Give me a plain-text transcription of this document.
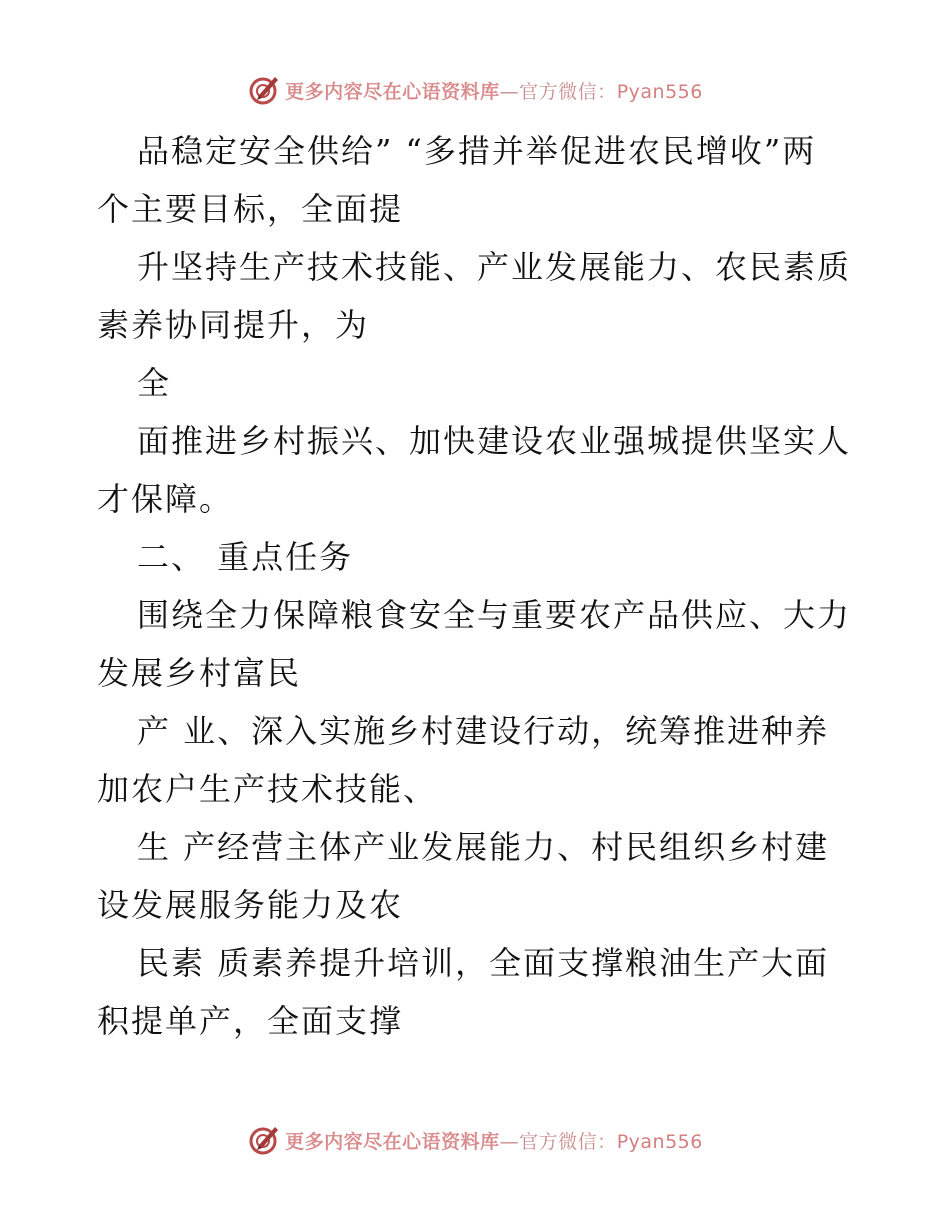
更多内容尽在心语资料库—官方微信：Pyan556
品稳定安全供给” “多措并举促进农民增收”两
个主要目标，全面提
升坚持生产技术技能、产业发展能力、农民素质
素养协同提升，为
全
面推进乡村振兴、加快建设农业强城提供坚实人
才保障。
二、 重点任务
围绕全力保障粮食安全与重要农产品供应、大力
发展乡村富民
产 业、深入实施乡村建设行动，统筹推进种养
加农户生产技术技能、
生 产经营主体产业发展能力、村民组织乡村建
设发展服务能力及农
民素 质素养提升培训，全面支撑粮油生产大面
积提单产，全面支撑
更多内容尽在心语资料库—官方微信：Pyan556
